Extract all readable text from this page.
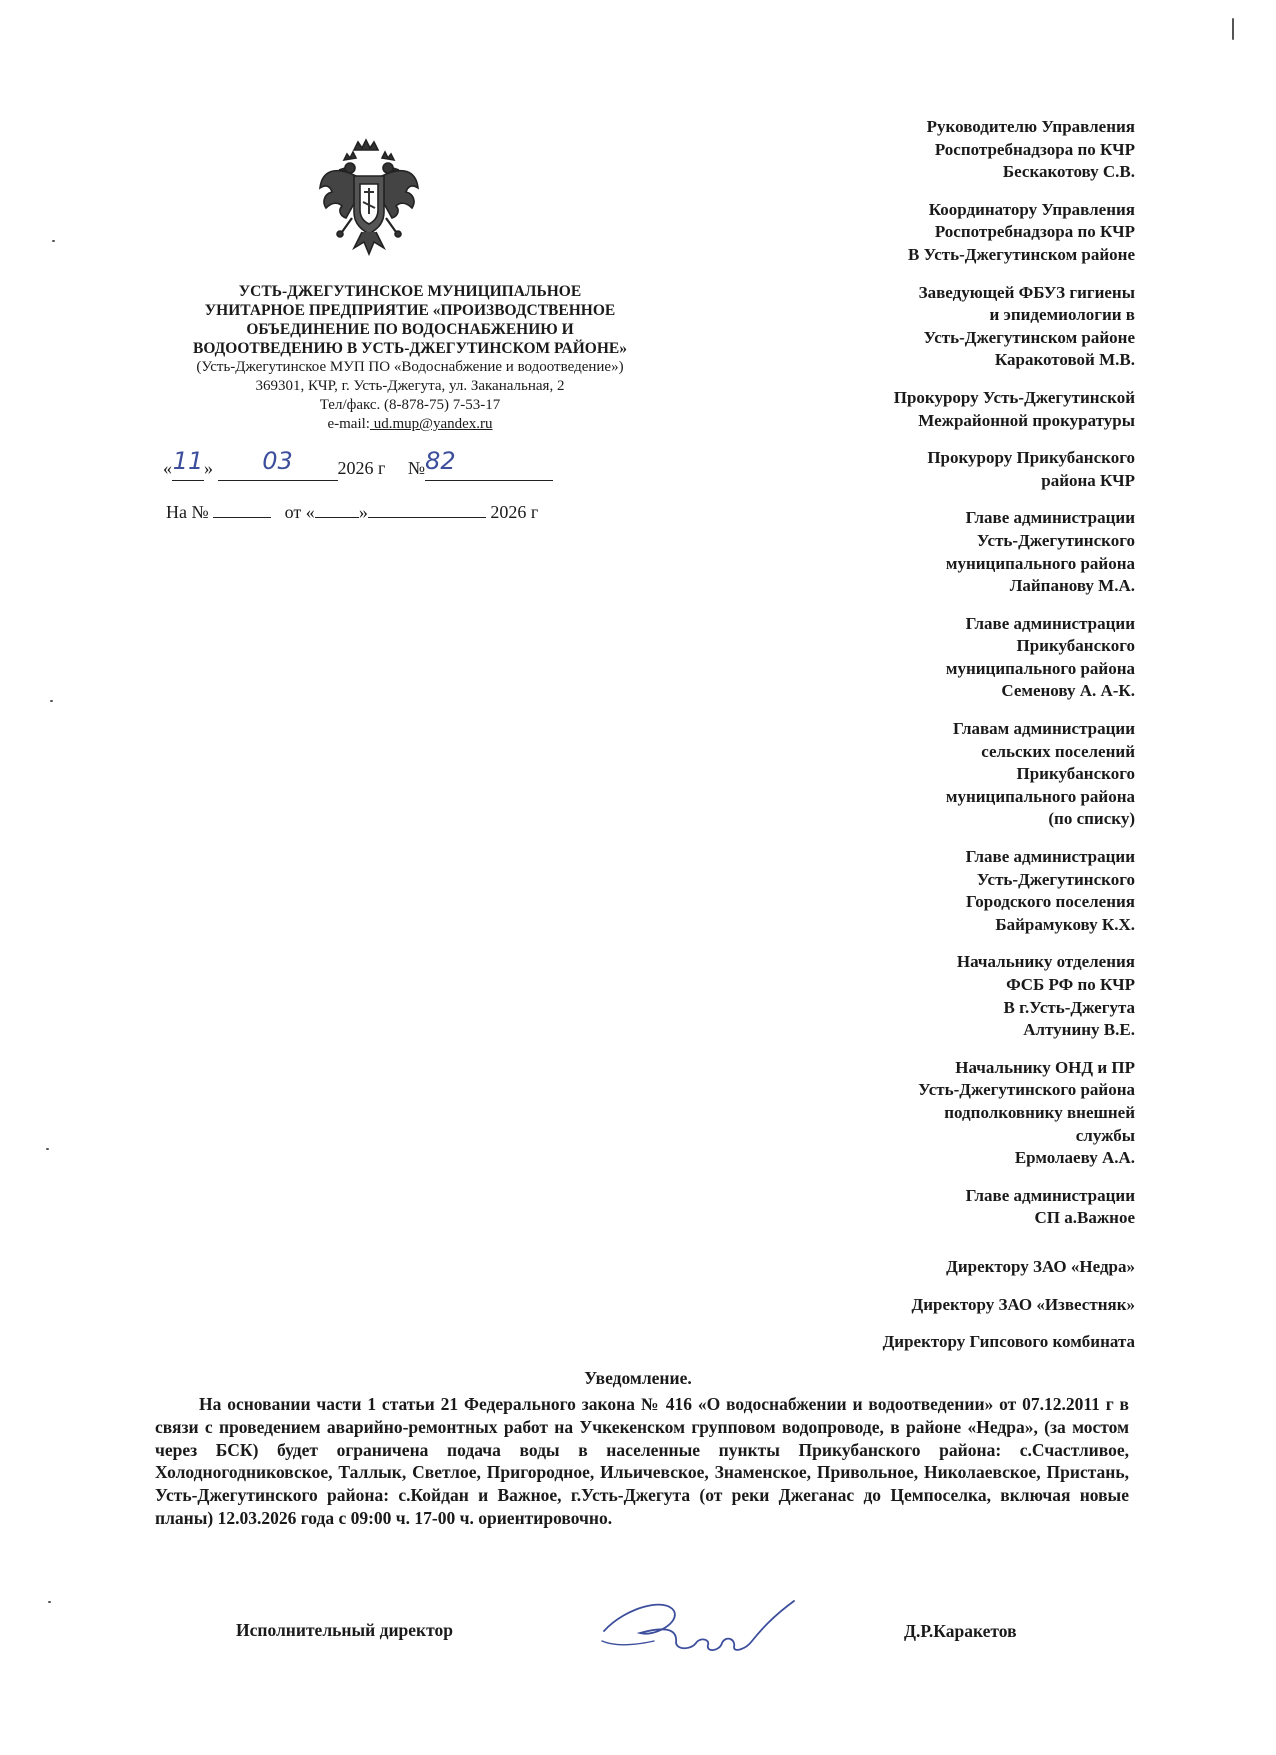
УСТЬ-ДЖЕГУТИНСКОЕ МУНИЦИПАЛЬНОЕ
УНИТАРНОЕ ПРЕДПРИЯТИЕ «ПРОИЗВОДСТВЕННОЕ
ОБЪЕДИНЕНИЕ ПО ВОДОСНАБЖЕНИЮ И
ВОДООТВЕДЕНИЮ В УСТЬ-ДЖЕГУТИНСКОМ РАЙОНЕ»
(Усть-Джегутинское МУП ПО «Водоснабжение и водоотведение»)
369301, КЧР, г. Усть-Джегута, ул. Заканальная, 2
Тел/факс. (8-878-75) 7-53-17
e-mail: ud.mup@yandex.ru
«11» 03 2026 г №82
На №	от « »	2026 г
Руководителю Управления
Роспотребнадзора по КЧР
Бескакотову С.В.
Координатору Управления
Роспотребнадзора по КЧР
В Усть-Джегутинском районе
Заведующей ФБУЗ гигиены
и эпидемиологии в
Усть-Джегутинском районе
Каракотовой М.В.
Прокурору Усть-Джегутинской
Межрайонной прокуратуры
Прокурору Прикубанского
района КЧР
Главе администрации
Усть-Джегутинского
муниципального района
Лайпанову М.А.
Главе администрации
Прикубанского
муниципального района
Семенову А. А-К.
Главам администрации
сельских поселений
Прикубанского
муниципального района
(по списку)
Главе администрации
Усть-Джегутинского
Городского поселения
Байрамукову К.Х.
Начальнику отделения
ФСБ РФ по КЧР
В г.Усть-Джегута
Алтунину В.Е.
Начальнику ОНД и ПР
Усть-Джегутинского района
подполковнику внешней
службы
Ермолаеву А.А.
Главе администрации
СП а.Важное
Директору ЗАО «Недра»
Директору ЗАО «Известняк»
Директору Гипсового комбината
Уведомление.
На основании части 1 статьи 21 Федерального закона № 416 «О водоснабжении и водоотведении» от 07.12.2011 г в связи с проведением аварийно-ремонтных работ на Учкекенском групповом водопроводе, в районе «Недра», (за мостом через БСК) будет ограничена подача воды в населенные пункты Прикубанского района: с.Счастливое, Холодногодниковское, Таллык, Светлое, Пригородное, Ильичевское, Знаменское, Привольное, Николаевское, Пристань, Усть-Джегутинского района: с.Койдан и Важное, г.Усть-Джегута (от реки Джеганас до Цемпоселка, включая новые планы) 12.03.2026 года с 09:00 ч. 17-00 ч. ориентировочно.
Исполнительный директор	Д.Р.Каракетов
